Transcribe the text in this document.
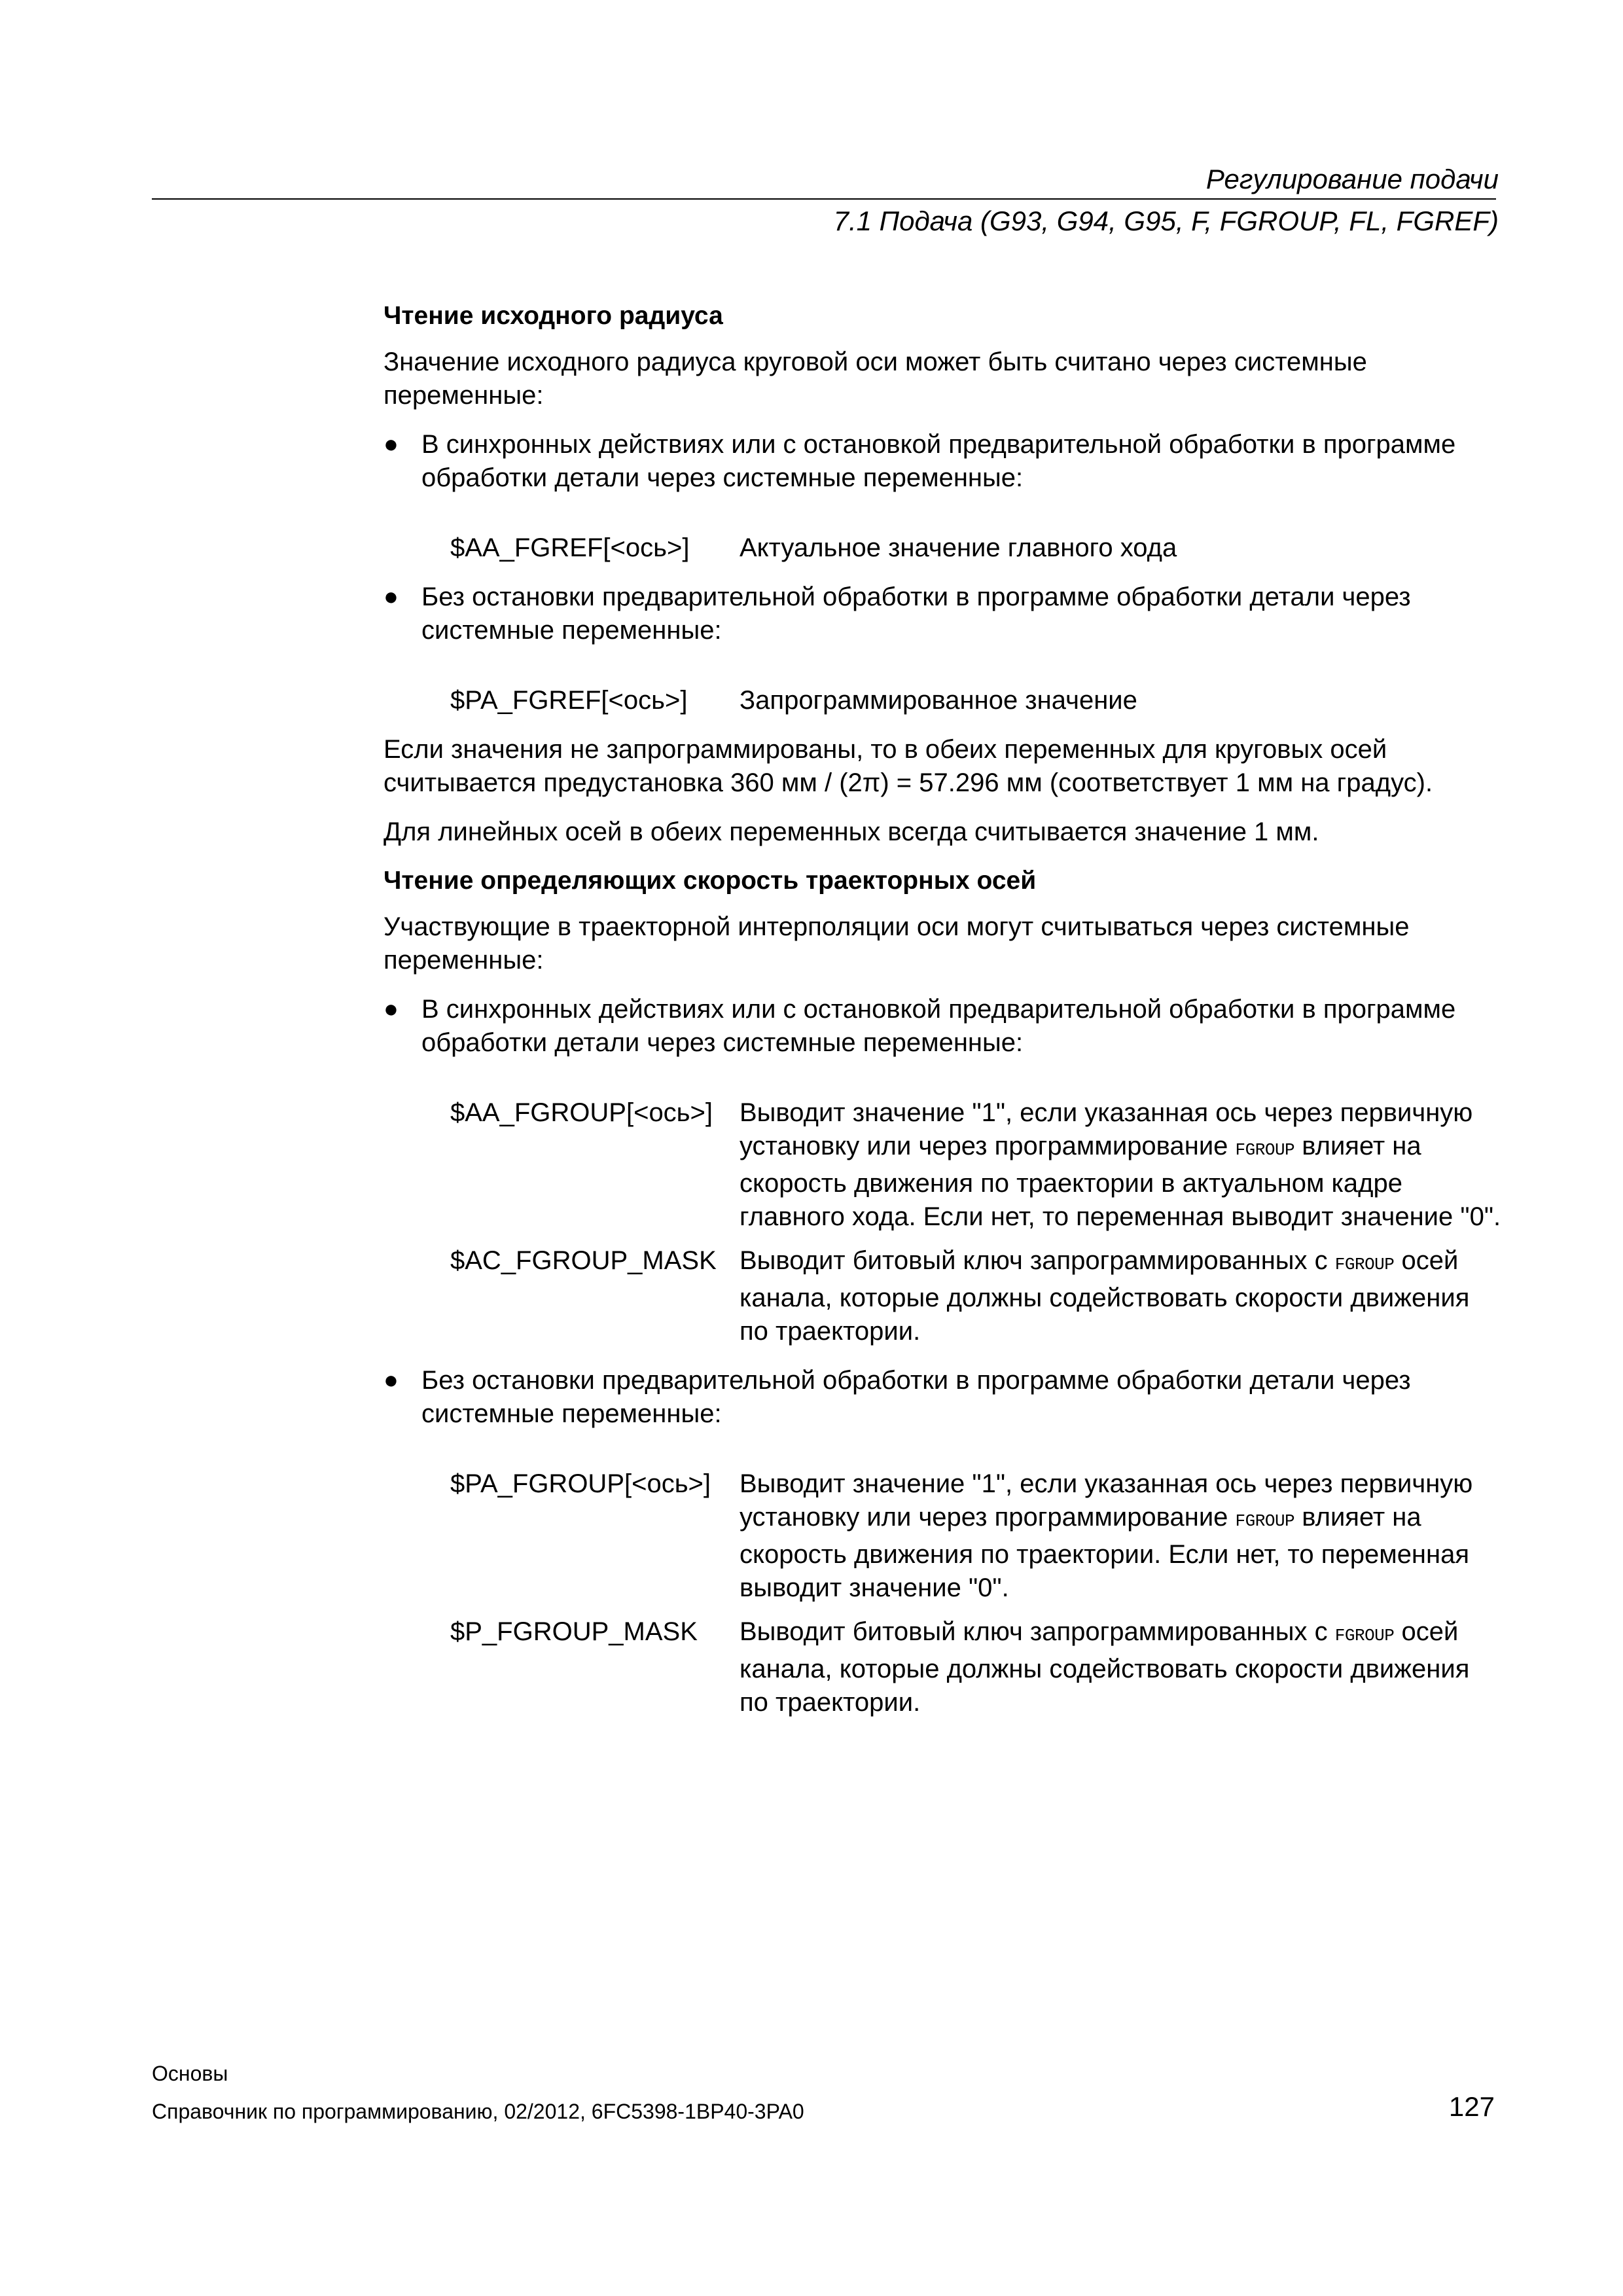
Регулирование подачи
7.1 Подача (G93, G94, G95, F, FGROUP, FL, FGREF)
Чтение исходного радиуса
Значение исходного радиуса круговой оси может быть считано через системные переменные:
● В синхронных действиях или с остановкой предварительной обработки в программе обработки детали через системные переменные:
$AA_FGREF[<ось>]	Актуальное значение главного хода
● Без остановки предварительной обработки в программе обработки детали через системные переменные:
$PA_FGREF[<ось>]	Запрограммированное значение
Если значения не запрограммированы, то в обеих переменных для круговых осей считывается предустановка 360 мм / (2π) = 57.296 мм (соответствует 1 мм на градус).
Для линейных осей в обеих переменных всегда считывается значение 1 мм.
Чтение определяющих скорость траекторных осей
Участвующие в траекторной интерполяции оси могут считываться через системные переменные:
● В синхронных действиях или с остановкой предварительной обработки в программе обработки детали через системные переменные:
$AA_FGROUP[<ось>]	Выводит значение "1", если указанная ось через первичную установку или через программирование FGROUP влияет на скорость движения по траектории в актуальном кадре главного хода. Если нет, то переменная выводит значение "0".
$AC_FGROUP_MASK Выводит битовый ключ запрограммированных с FGROUP осей канала, которые должны содействовать скорости движения по траектории.
● Без остановки предварительной обработки в программе обработки детали через системные переменные:
$PA_FGROUP[<ось>]	Выводит значение "1", если указанная ось через первичную установку или через программирование FGROUP влияет на скорость движения по траектории. Если нет, то переменная выводит значение "0".
$P_FGROUP_MASK	Выводит битовый ключ запрограммированных с FGROUP осей канала, которые должны содействовать скорости движения по траектории.
Основы
Справочник по программированию, 02/2012, 6FC5398-1BP40-3PA0	127
